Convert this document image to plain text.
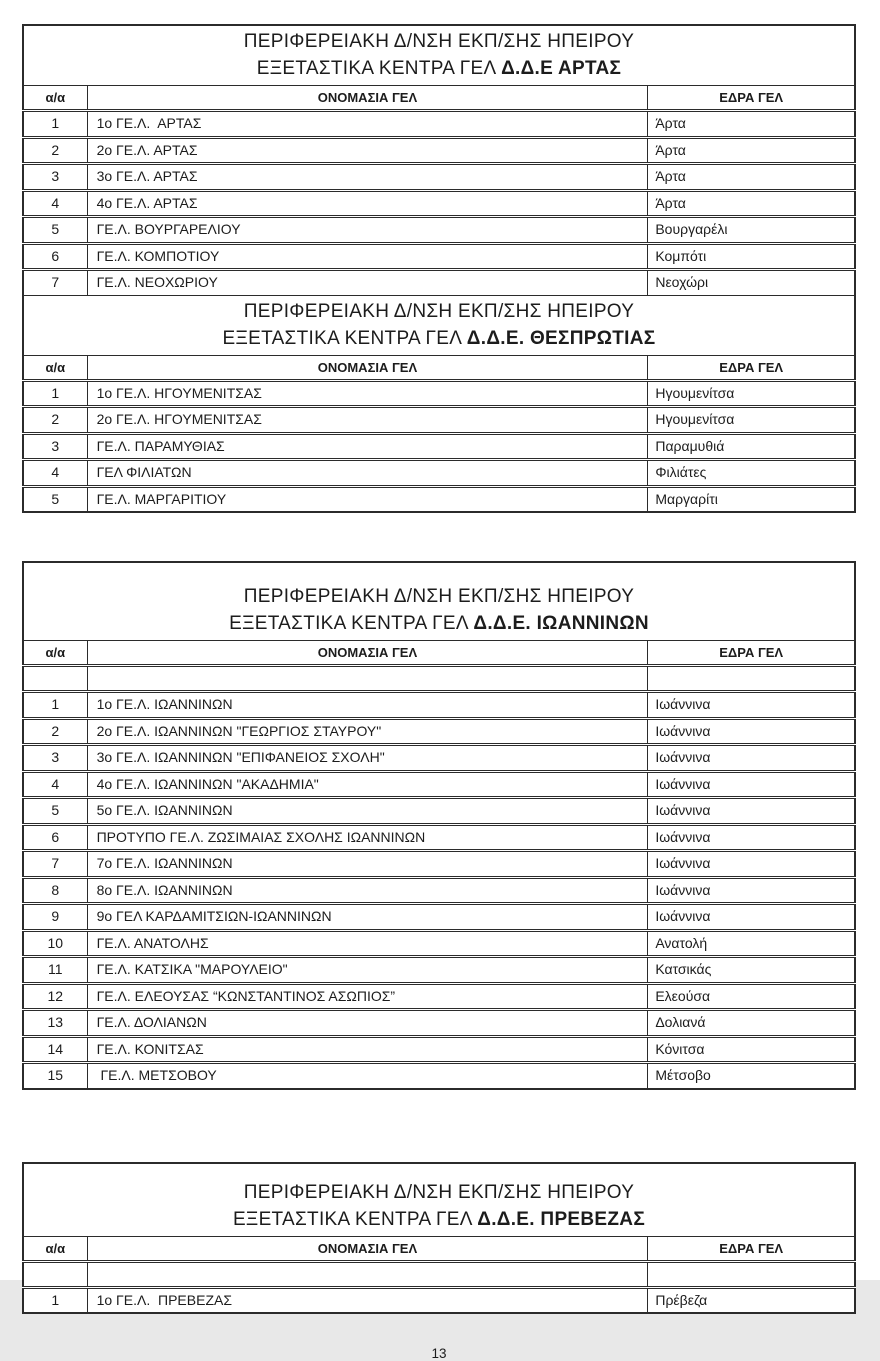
ΠΕΡΙΦΕΡΕΙΑΚΗ Δ/ΝΣΗ ΕΚΠ/ΣΗΣ ΗΠΕΙΡΟΥ
ΕΞΕΤΑΣΤΙΚΑ ΚΕΝΤΡΑ ΓΕΛ Δ.Δ.Ε ΑΡΤΑΣ		

α/α	ΟΝΟΜΑΣΙΑ ΓΕΛ	ΕΔΡΑ ΓΕΛ
1	1ο ΓΕ.Λ.  ΑΡΤΑΣ	Άρτα
2	2ο ΓΕ.Λ. ΑΡΤΑΣ	Άρτα
3	3ο ΓΕ.Λ. ΑΡΤΑΣ	Άρτα
4	4ο ΓΕ.Λ. ΑΡΤΑΣ	Άρτα
5	ΓΕ.Λ. ΒΟΥΡΓΑΡΕΛΙΟΥ	Βουργαρέλι
6	ΓΕ.Λ. ΚΟΜΠΟΤΙΟΥ	Κομπότι
7	ΓΕ.Λ. ΝΕΟΧΩΡΙΟΥ	Νεοχώρι

ΠΕΡΙΦΕΡΕΙΑΚΗ Δ/ΝΣΗ ΕΚΠ/ΣΗΣ ΗΠΕΙΡΟΥ
ΕΞΕΤΑΣΤΙΚΑ ΚΕΝΤΡΑ ΓΕΛ Δ.Δ.Ε. ΘΕΣΠΡΩΤΙΑΣ		

α/α	ΟΝΟΜΑΣΙΑ ΓΕΛ	ΕΔΡΑ ΓΕΛ
1	1ο ΓΕ.Λ. ΗΓΟΥΜΕΝΙΤΣΑΣ	Ηγουμενίτσα
2	2ο ΓΕ.Λ. ΗΓΟΥΜΕΝΙΤΣΑΣ	Ηγουμενίτσα
3	ΓΕ.Λ. ΠΑΡΑΜΥΘΙΑΣ	Παραμυθιά
4	ΓΕΛ ΦΙΛΙΑΤΩΝ	Φιλιάτες
5	ΓΕ.Λ. ΜΑΡΓΑΡΙΤΙΟΥ	Μαργαρίτι
ΠΕΡΙΦΕΡΕΙΑΚΗ Δ/ΝΣΗ ΕΚΠ/ΣΗΣ ΗΠΕΙΡΟΥ
ΕΞΕΤΑΣΤΙΚΑ ΚΕΝΤΡΑ ΓΕΛ Δ.Δ.Ε. ΙΩΑΝΝΙΝΩΝ		

α/α	ΟΝΟΜΑΣΙΑ ΓΕΛ	ΕΔΡΑ ΓΕΛ

1	1ο ΓΕ.Λ. ΙΩΑΝΝΙΝΩΝ	Ιωάννινα
2	2ο ΓΕ.Λ. ΙΩΑΝΝΙΝΩΝ "ΓΕΩΡΓΙΟΣ ΣΤΑΥΡΟΥ"	Ιωάννινα
3	3ο ΓΕ.Λ. ΙΩΑΝΝΙΝΩΝ "ΕΠΙΦΑΝΕΙΟΣ ΣΧΟΛΗ"	Ιωάννινα
4	4ο ΓΕ.Λ. ΙΩΑΝΝΙΝΩΝ "ΑΚΑΔΗΜΙΑ"	Ιωάννινα
5	5ο ΓΕ.Λ. ΙΩΑΝΝΙΝΩΝ	Ιωάννινα
6	ΠΡΟΤΥΠΟ ΓΕ.Λ. ΖΩΣΙΜΑΙΑΣ ΣΧΟΛΗΣ ΙΩΑΝΝΙΝΩΝ	Ιωάννινα
7	7ο ΓΕ.Λ. ΙΩΑΝΝΙΝΩΝ	Ιωάννινα
8	8ο ΓΕ.Λ. ΙΩΑΝΝΙΝΩΝ	Ιωάννινα
9	9ο ΓΕΛ ΚΑΡΔΑΜΙΤΣΙΩΝ-ΙΩΑΝΝΙΝΩΝ	Ιωάννινα
10	ΓΕ.Λ. ΑΝΑΤΟΛΗΣ	Ανατολή
11	ΓΕ.Λ. ΚΑΤΣΙΚΑ "ΜΑΡΟΥΛΕΙΟ"	Κατσικάς
12	ΓΕ.Λ. ΕΛΕΟΥΣΑΣ “ΚΩΝΣΤΑΝΤΙΝΟΣ ΑΣΩΠΙΟΣ”	Ελεούσα
13	ΓΕ.Λ. ΔΟΛΙΑΝΩΝ	Δολιανά
14	ΓΕ.Λ. ΚΟΝΙΤΣΑΣ	Κόνιτσα
15	ΓΕ.Λ. ΜΕΤΣΟΒΟΥ	Μέτσοβο
ΠΕΡΙΦΕΡΕΙΑΚΗ Δ/ΝΣΗ ΕΚΠ/ΣΗΣ ΗΠΕΙΡΟΥ
ΕΞΕΤΑΣΤΙΚΑ ΚΕΝΤΡΑ ΓΕΛ Δ.Δ.Ε. ΠΡΕΒΕΖΑΣ		

α/α	ΟΝΟΜΑΣΙΑ ΓΕΛ	ΕΔΡΑ ΓΕΛ

1	1ο ΓΕ.Λ.  ΠΡΕΒΕΖΑΣ	Πρέβεζα
13
